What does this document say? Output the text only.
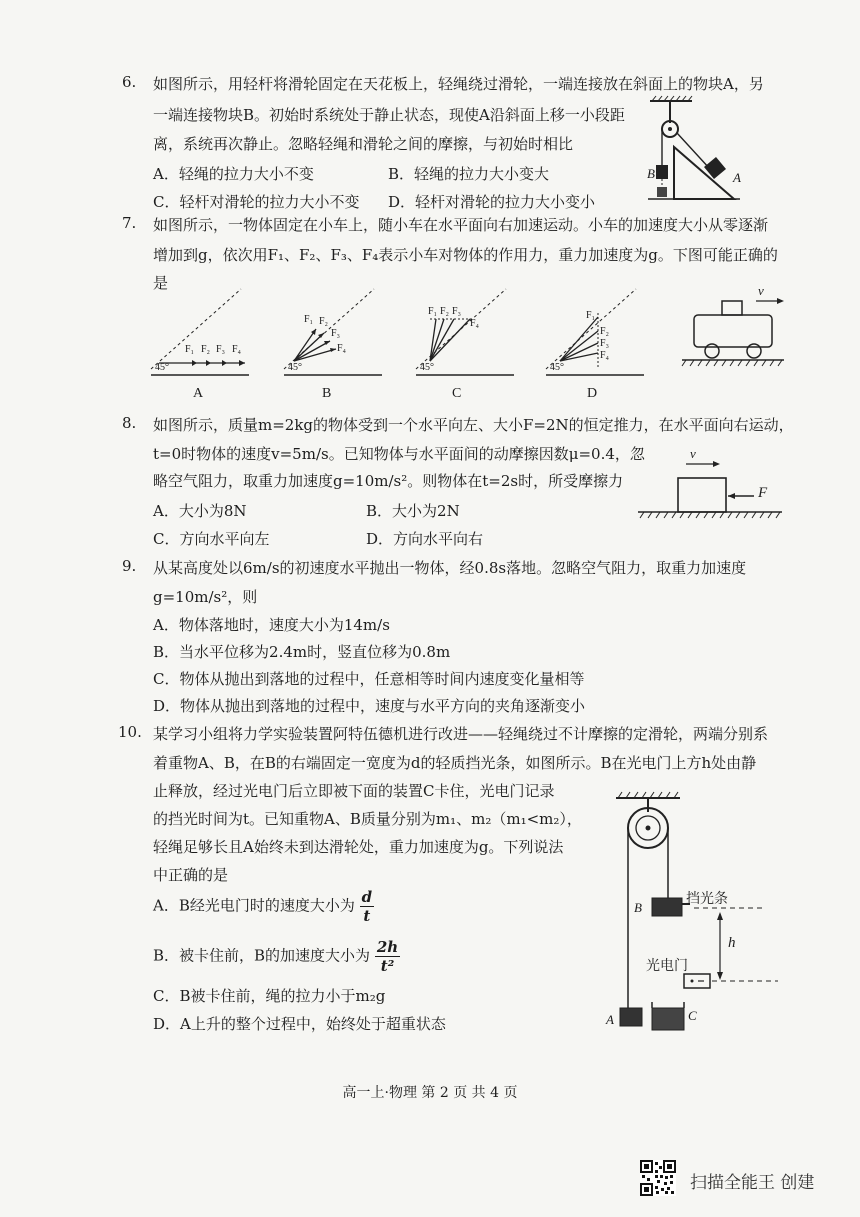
6. 如图所示，用轻杆将滑轮固定在天花板上，轻绳绕过滑轮，一端连接放在斜面上的物块A，另
一端连接物块B。初始时系统处于静止状态，现使A沿斜面上移一小段距
离，系统再次静止。忽略轻绳和滑轮之间的摩擦，与初始时相比
A．轻绳的拉力大小不变	B．轻绳的拉力大小变大
C．轻杆对滑轮的拉力大小不变 D．轻杆对滑轮的拉力大小变小
B	A
7. 如图所示，一物体固定在小车上，随小车在水平面向右加速运动。小车的加速度大小从零逐渐
增加到g，依次用F₁、F₂、F₃、F₄表示小车对物体的作用力，重力加速度为g。下图可能正确的
是
45°
F₁ F₂ F₃ F₄
A
45°
F₁ F₂
F₃
F₄
B
45°
F₁ F₂ F₃
F₄
C
45°
F₁
F₂
F₃
F₄
D
v
8. 如图所示，质量m=2kg的物体受到一个水平向左、大小F=2N的恒定推力，在水平面向右运动，
t=0时物体的速度v=5m/s。已知物体与水平面间的动摩擦因数μ=0.4，忽
略空气阻力，取重力加速度g=10m/s²。则物体在t=2s时，所受摩擦力
A．大小为8N	B．大小为2N
C．方向水平向左	D．方向水平向右
v
F
9. 从某高度处以6m/s的初速度水平抛出一物体，经0.8s落地。忽略空气阻力，取重力加速度
g=10m/s²，则
A．物体落地时，速度大小为14m/s
B．当水平位移为2.4m时，竖直位移为0.8m
C．物体从抛出到落地的过程中，任意相等时间内速度变化量相等
D．物体从抛出到落地的过程中，速度与水平方向的夹角逐渐变小
10. 某学习小组将力学实验装置阿特伍德机进行改进——轻绳绕过不计摩擦的定滑轮，两端分别系
着重物A、B，在B的右端固定一宽度为d的轻质挡光条，如图所示。B在光电门上方h处由静
止释放，经过光电门后立即被下面的装置C卡住，光电门记录
的挡光时间为t。已知重物A、B质量分别为m₁、m₂（m₁<m₂），
轻绳足够长且A始终未到达滑轮处，重力加速度为g。下列说法
中正确的是
A．B经光电门时的速度大小为 $\frac{d}{t}$
B．被卡住前，B的加速度大小为 $\frac{2h}{\text{t²}}$
C．B被卡住前，绳的拉力小于m₂g
D．A上升的整个过程中，始终处于超重状态
挡光条
光电门
h
B
A	C
高一上·物理 第 2 页 共 4 页
扫描全能王 创建
